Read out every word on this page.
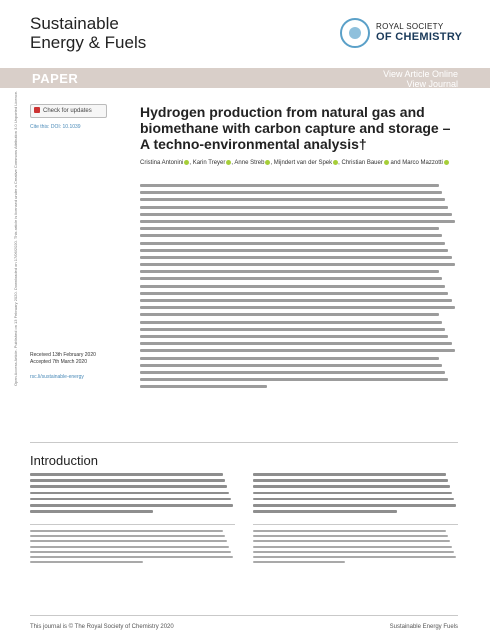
Sustainable
Energy & Fuels
ROYAL SOCIETY
OF CHEMISTRY
PAPER	View Article Online
View Journal
Open Access Article. Published on 13 February 2020. Downloaded on 17/06/2020. This article is licensed under a Creative Commons Attribution 3.0 Unported Licence.	Check for updates
Cite this: DOI: 10.1039
Hydrogen production from natural gas and biomethane with carbon capture and storage – A techno-environmental analysis†
Cristina Antonini , Karin Treyer , Anne Streb , Mijndert van der Spek , Christian Bauer and Marco Mazzotti
Received 13th February 2020
Accepted 7th March 2020
rsc.li/sustainable-energy
Introduction
This journal is © The Royal Society of Chemistry 2020	Sustainable Energy Fuels
